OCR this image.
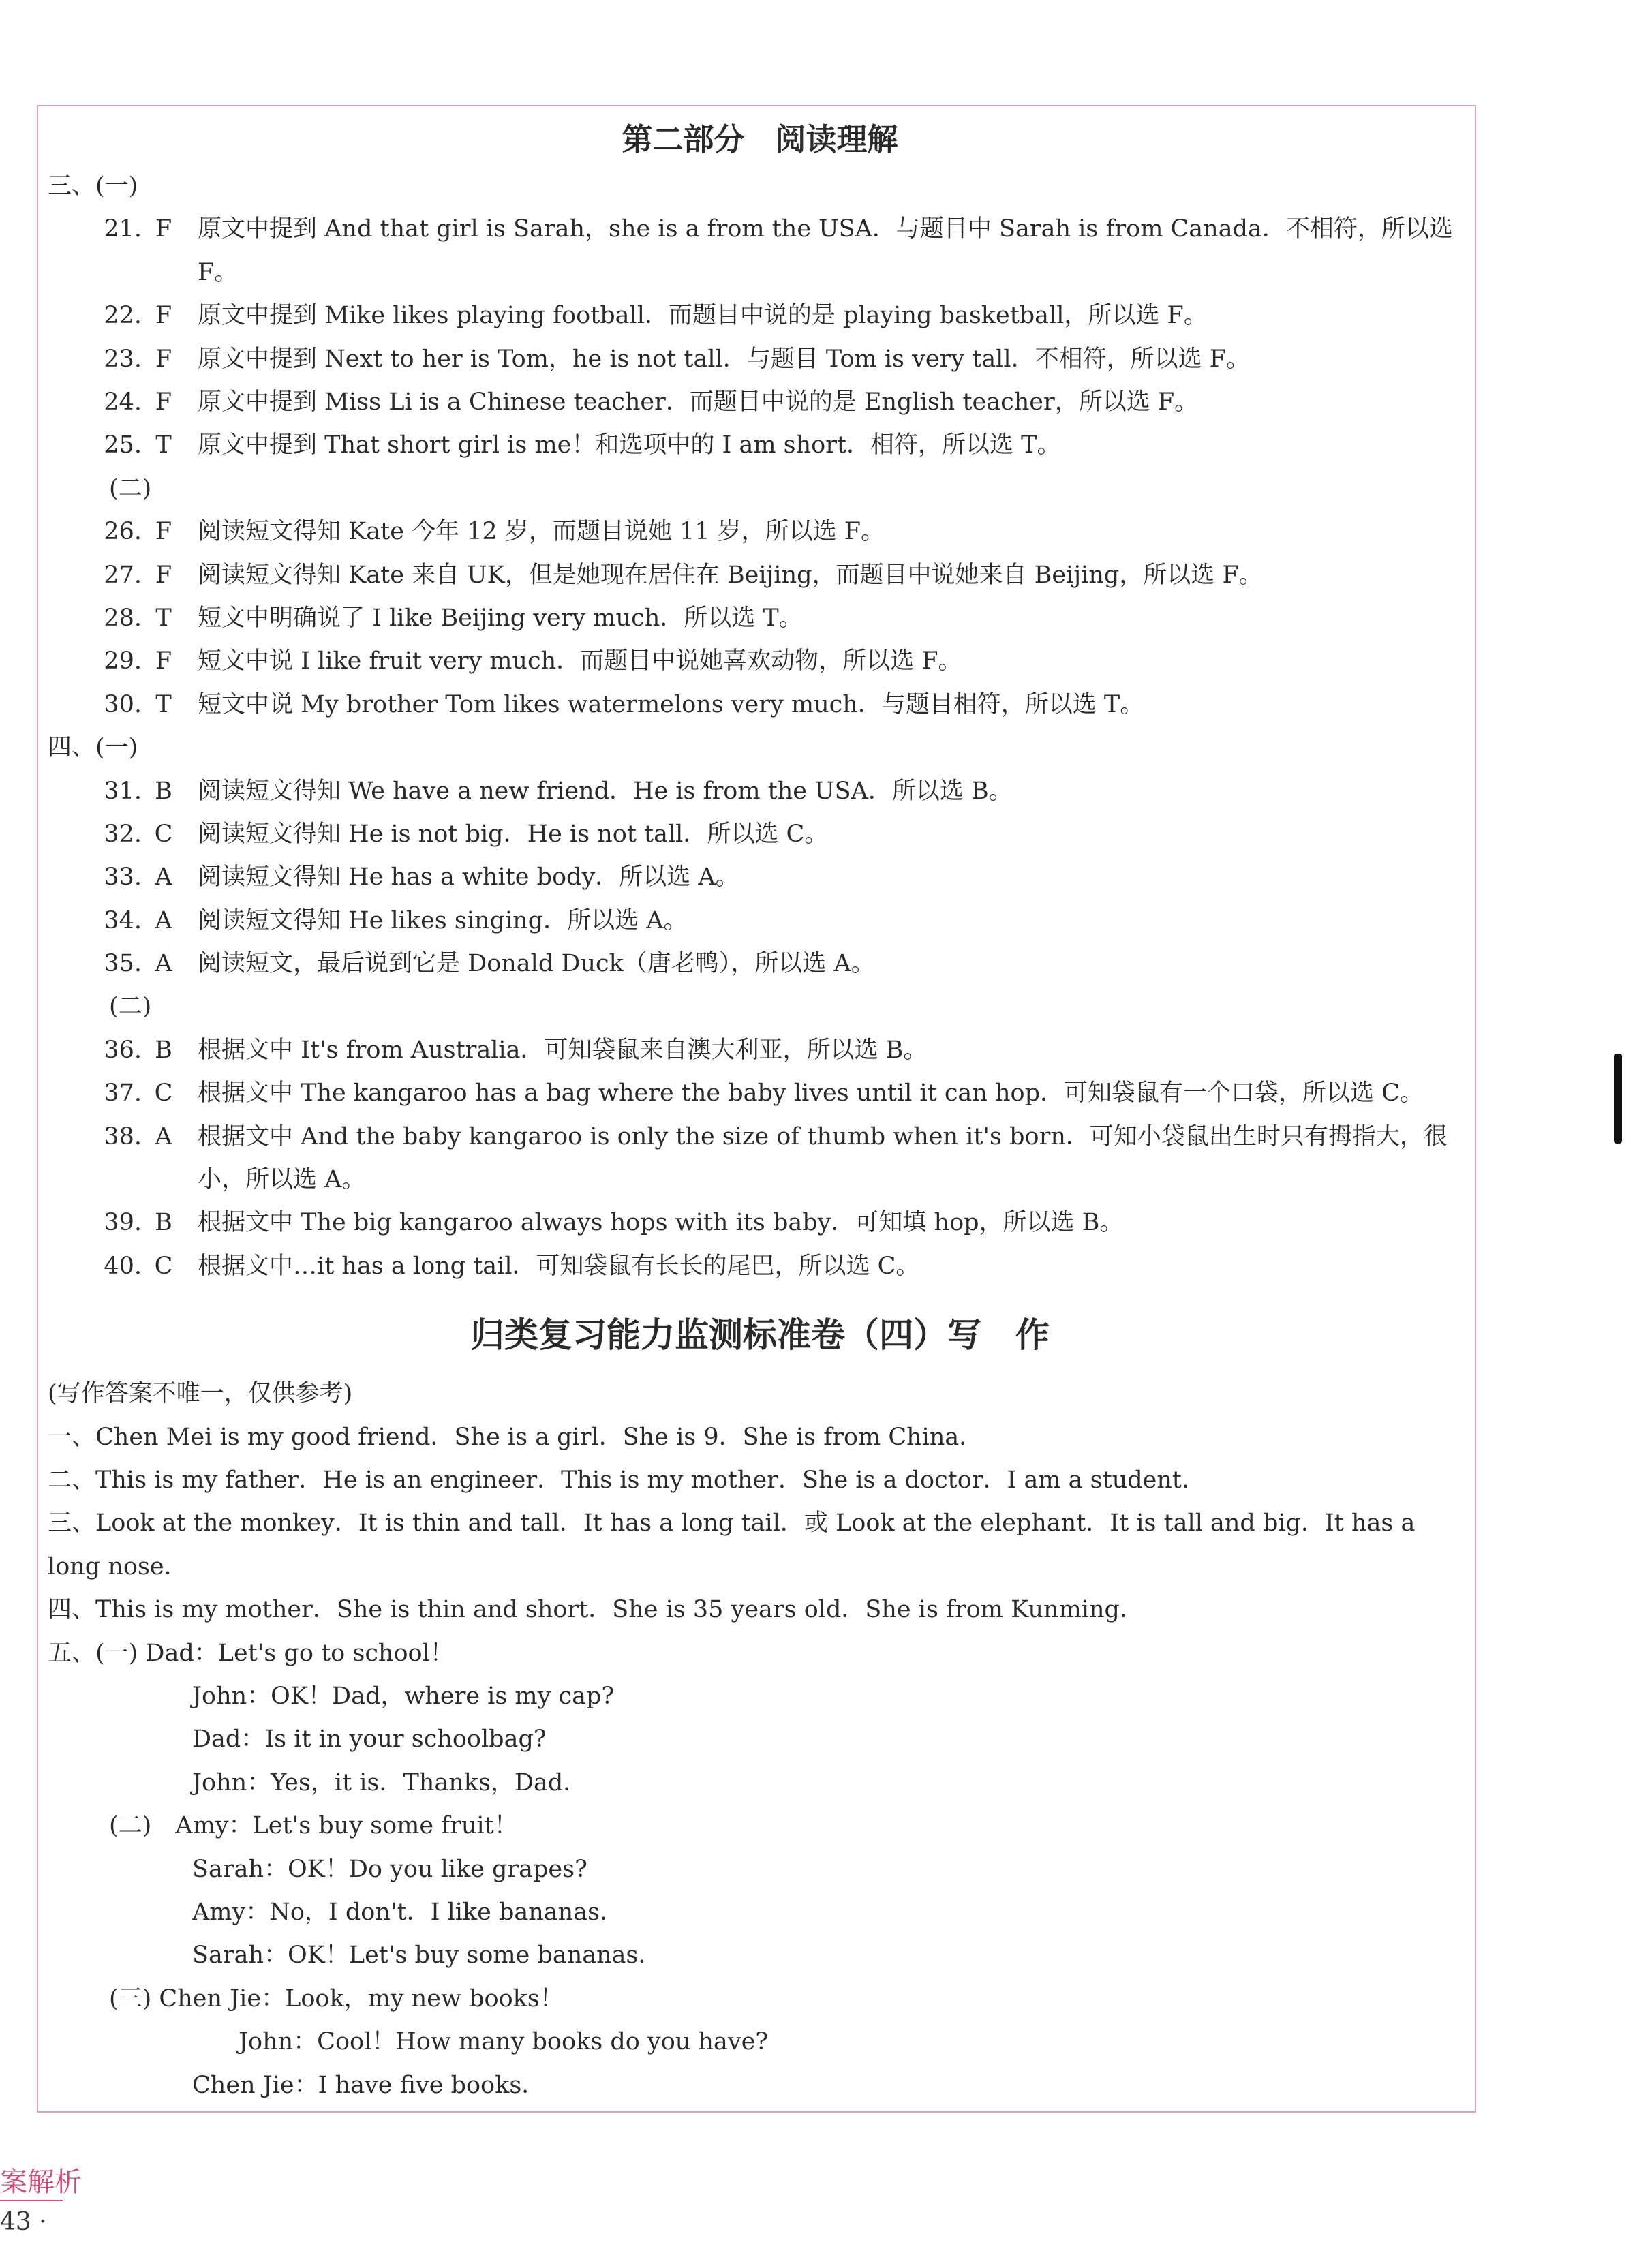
第二部分　阅读理解
三、(一)
21. F	原文中提到 And that girl is Sarah，she is a from the USA．与题目中 Sarah is from Canada．不相符，所以选 F。
22. F	原文中提到 Mike likes playing football．而题目中说的是 playing basketball，所以选 F。
23. F	原文中提到 Next to her is Tom，he is not tall．与题目 Tom is very tall．不相符，所以选 F。
24. F	原文中提到 Miss Li is a Chinese teacher．而题目中说的是 English teacher，所以选 F。
25. T	原文中提到 That short girl is me！和选项中的 I am short．相符，所以选 T。
(二)
26. F	阅读短文得知 Kate 今年 12 岁，而题目说她 11 岁，所以选 F。
27. F	阅读短文得知 Kate 来自 UK，但是她现在居住在 Beijing，而题目中说她来自 Beijing，所以选 F。
28. T	短文中明确说了 I like Beijing very much．所以选 T。
29. F	短文中说 I like fruit very much．而题目中说她喜欢动物，所以选 F。
30. T	短文中说 My brother Tom likes watermelons very much．与题目相符，所以选 T。
四、(一)
31. B	阅读短文得知 We have a new friend．He is from the USA．所以选 B。
32. C	阅读短文得知 He is not big．He is not tall．所以选 C。
33. A	阅读短文得知 He has a white body．所以选 A。
34. A	阅读短文得知 He likes singing．所以选 A。
35. A	阅读短文，最后说到它是 Donald Duck（唐老鸭），所以选 A。
(二)
36. B	根据文中 It's from Australia．可知袋鼠来自澳大利亚，所以选 B。
37. C	根据文中 The kangaroo has a bag where the baby lives until it can hop．可知袋鼠有一个口袋，所以选 C。
38. A	根据文中 And the baby kangaroo is only the size of thumb when it's born．可知小袋鼠出生时只有拇指大，很小，所以选 A。
39. B	根据文中 The big kangaroo always hops with its baby．可知填 hop，所以选 B。
40. C	根据文中…it has a long tail．可知袋鼠有长长的尾巴，所以选 C。
归类复习能力监测标准卷（四）写　作
(写作答案不唯一，仅供参考)
一、Chen Mei is my good friend．She is a girl．She is 9．She is from China．
二、This is my father．He is an engineer．This is my mother．She is a doctor．I am a student．
三、Look at the monkey．It is thin and tall．It has a long tail．或 Look at the elephant．It is tall and big．It has a long nose．
四、This is my mother．She is thin and short．She is 35 years old．She is from Kunming．
五、(一) Dad：Let's go to school！
John：OK！Dad，where is my cap?
Dad：Is it in your schoolbag?
John：Yes，it is．Thanks，Dad．
(二)　Amy：Let's buy some fruit！
Sarah：OK！Do you like grapes?
Amy：No，I don't．I like bananas．
Sarah：OK！Let's buy some bananas．
(三) Chen Jie：Look，my new books！
John：Cool！How many books do you have?
Chen Jie：I have five books．
案解析
43 ·
